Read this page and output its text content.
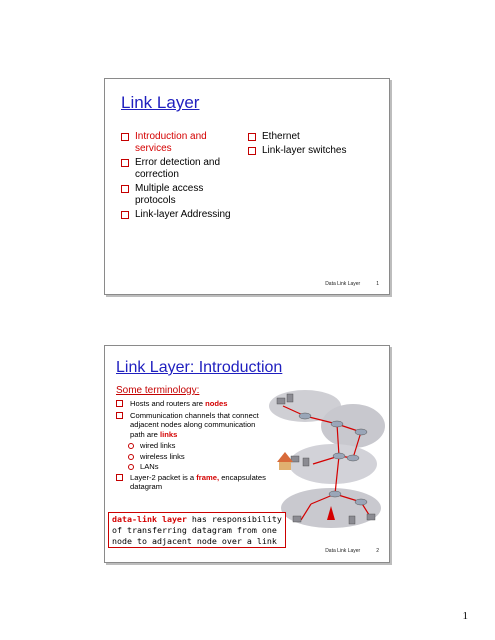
Link Layer
Introduction and services
Error detection and correction
Multiple access protocols
Link-layer Addressing
Ethernet
Link-layer switches
Data Link Layer	1
Link Layer: Introduction
Some terminology:
Hosts and routers are nodes
Communication channels that connect adjacent nodes along communication path are links
wired links
wireless links
LANs
Layer-2 packet is a frame, encapsulates datagram
data-link layer has responsibility of transferring datagram from one node to adjacent node over a link
Data Link Layer	2
1
